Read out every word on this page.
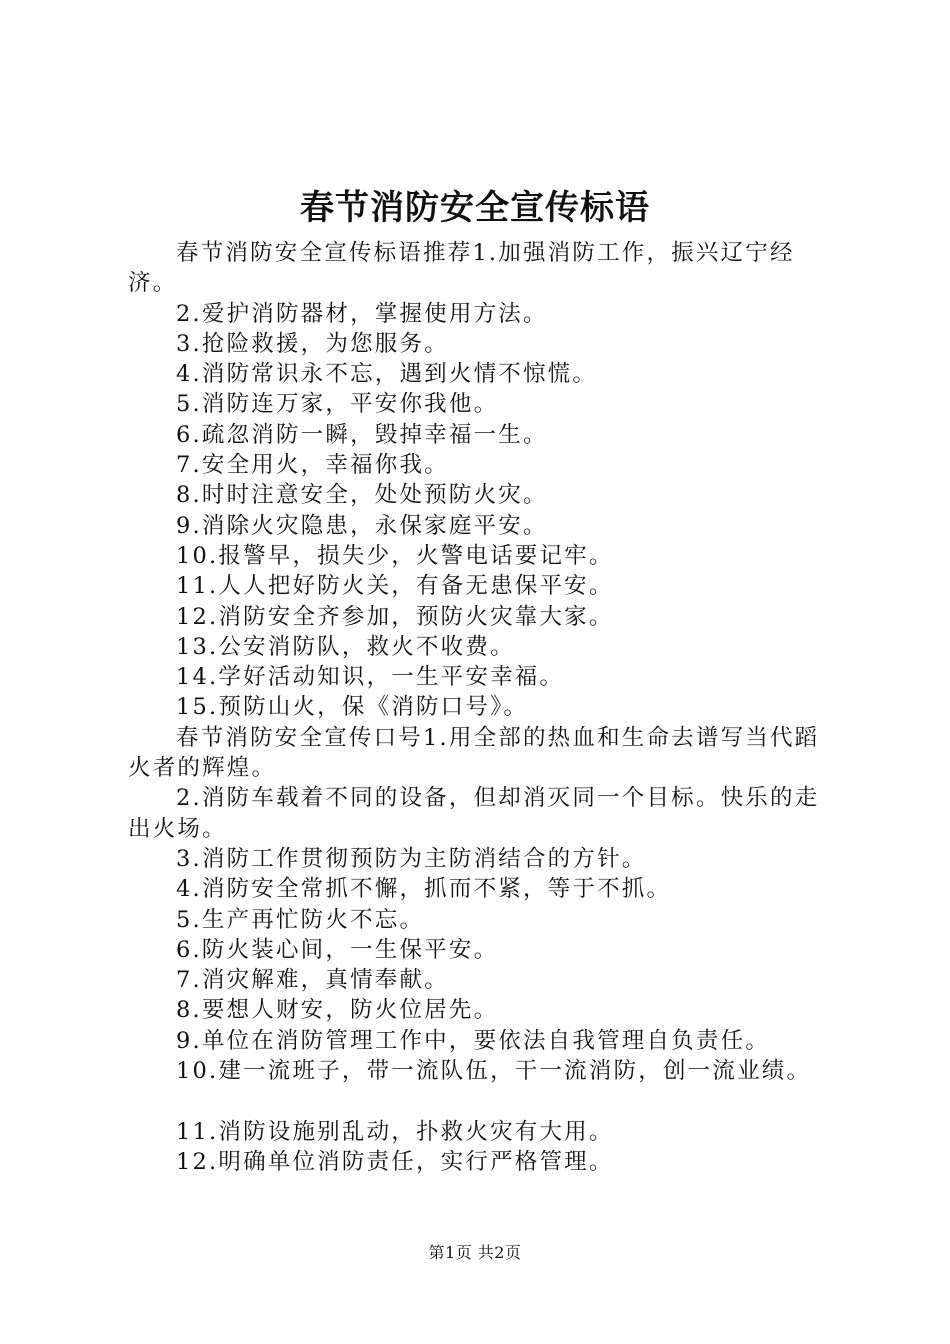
春节消防安全宣传标语

春节消防安全宣传标语推荐1.加强消防工作，振兴辽宁经济。

2.爱护消防器材，掌握使用方法。

3.抢险救援，为您服务。

4.消防常识永不忘，遇到火情不惊慌。

5.消防连万家，平安你我他。

6.疏忽消防一瞬，毁掉幸福一生。

7.安全用火，幸福你我。

8.时时注意安全，处处预防火灾。

9.消除火灾隐患，永保家庭平安。

10.报警早，损失少，火警电话要记牢。

11.人人把好防火关，有备无患保平安。

12.消防安全齐参加，预防火灾靠大家。

13.公安消防队，救火不收费。

14.学好活动知识，一生平安幸福。

15.预防山火，保《消防口号》。

春节消防安全宣传口号1.用全部的热血和生命去谱写当代蹈火者的辉煌。

2.消防车载着不同的设备，但却消灭同一个目标。快乐的走出火场。

3.消防工作贯彻预防为主防消结合的方针。

4.消防安全常抓不懈，抓而不紧，等于不抓。

5.生产再忙防火不忘。

6.防火装心间，一生保平安。

7.消灾解难，真情奉献。

8.要想人财安，防火位居先。

9.单位在消防管理工作中，要依法自我管理自负责任。

10.建一流班子，带一流队伍，干一流消防，创一流业绩。

11.消防设施别乱动，扑救火灾有大用。

12.明确单位消防责任，实行严格管理。

第1页 共2页
